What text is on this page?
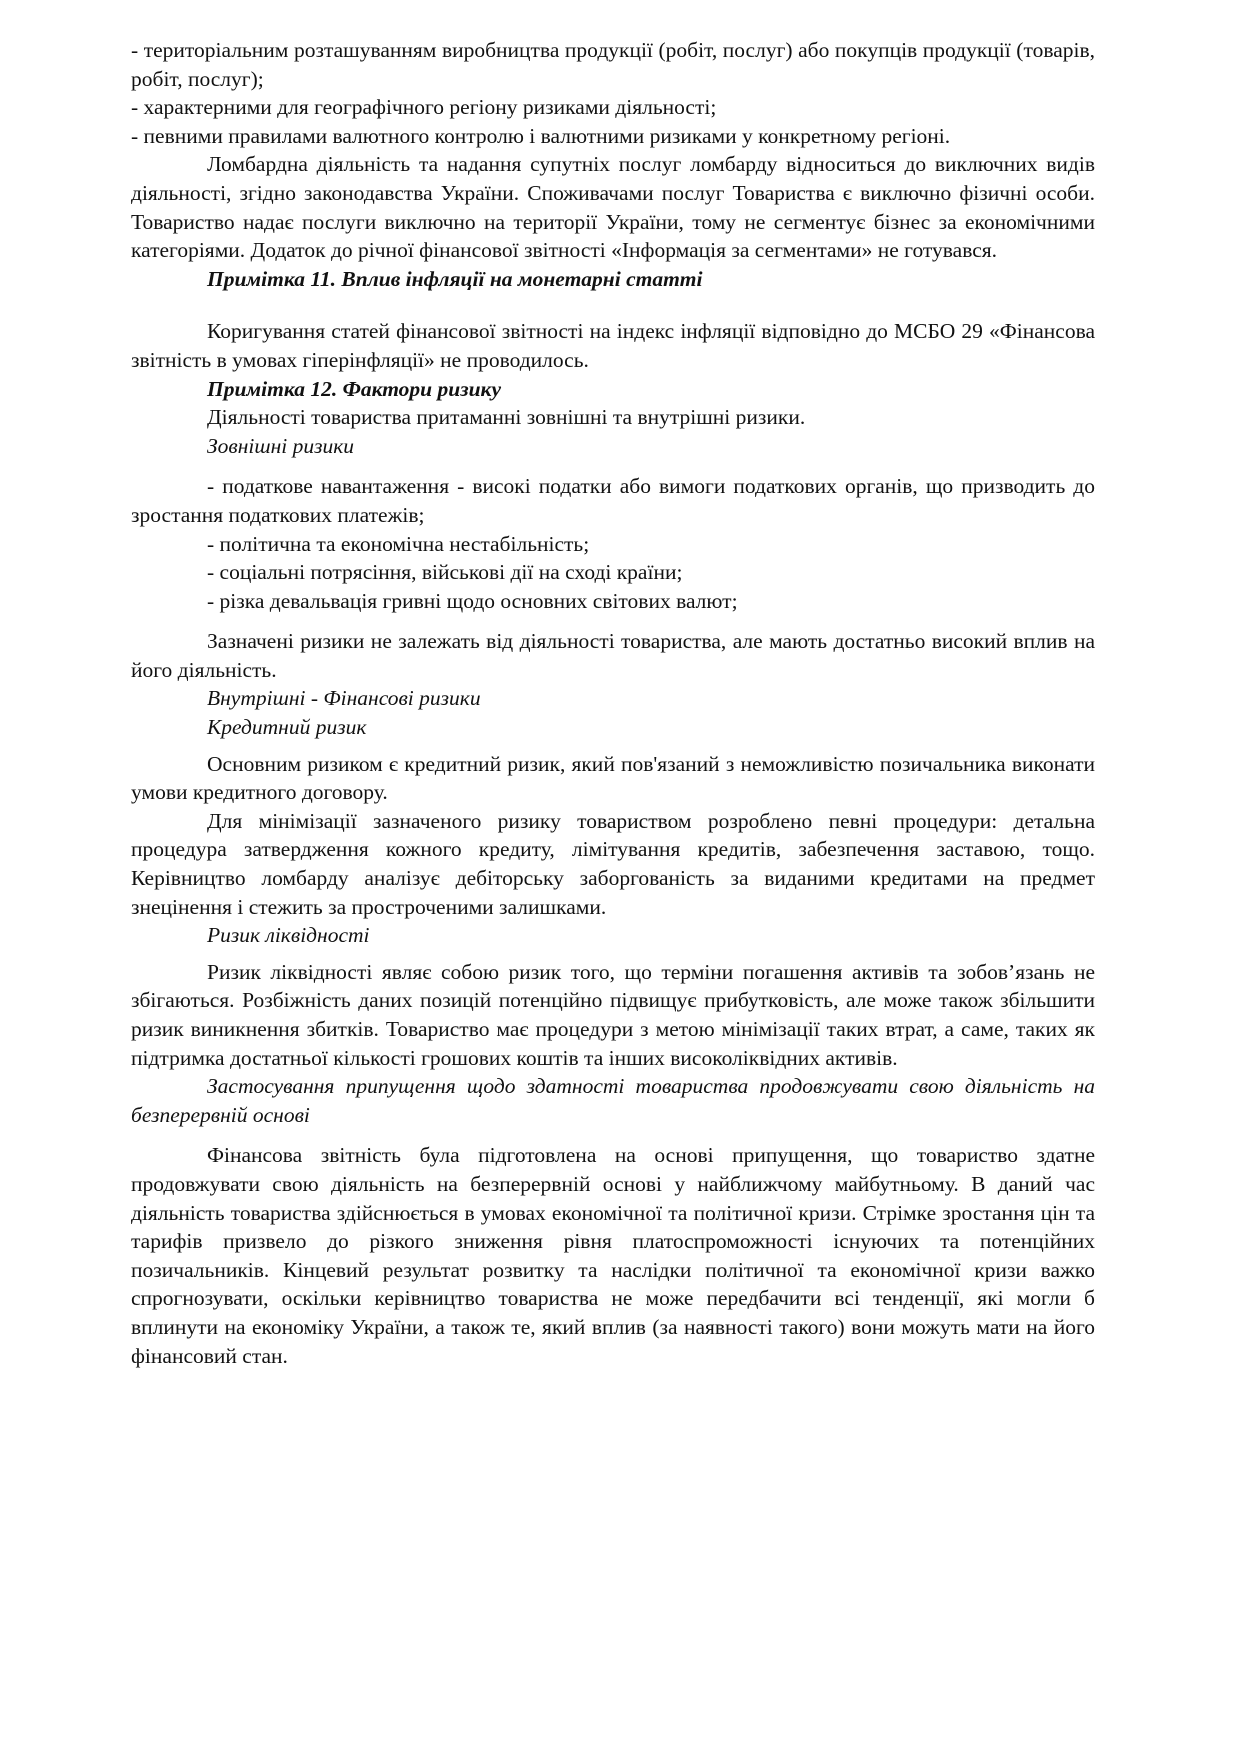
- територіальним розташуванням виробництва продукції (робіт, послуг) або покупців продукції (товарів, робіт, послуг);

- характерними для географічного регіону ризиками діяльності;

- певними правилами валютного контролю і валютними ризиками у конкретному регіоні.

Ломбардна діяльність та надання супутніх послуг ломбарду відноситься до виключних видів діяльності, згідно законодавства України. Споживачами послуг Товариства є виключно фізичні особи. Товариство надає послуги виключно на території України, тому не сегментує бізнес за економічними категоріями. Додаток до річної фінансової звітності «Інформація за сегментами» не готувався.

Примітка 11. Вплив інфляції на монетарні статті

Коригування статей фінансової звітності на індекс інфляції відповідно до МСБО 29 «Фінансова звітність в умовах гіперінфляції» не проводилось.

Примітка 12. Фактори ризику

Діяльності товариства притаманні зовнішні та внутрішні ризики.

Зовнішні ризики

- податкове навантаження - високі податки або вимоги податкових органів, що призводить до зростання податкових платежів;

- політична та економічна нестабільність;

- соціальні потрясіння, військові дії на сході країни;

- різка девальвація гривні щодо основних світових валют;

Зазначені ризики не залежать від діяльності товариства, але мають достатньо високий вплив на його діяльність.

Внутрішні - Фінансові ризики

Кредитний ризик

Основним ризиком є кредитний ризик, який пов'язаний з неможливістю позичальника виконати умови кредитного договору.

Для мінімізації зазначеного ризику товариством розроблено певні процедури: детальна процедура затвердження кожного кредиту, лімітування кредитів, забезпечення заставою, тощо. Керівництво ломбарду аналізує дебіторську заборгованість за виданими кредитами на предмет знецінення і стежить за простроченими залишками.

Ризик ліквідності

Ризик ліквідності являє собою ризик того, що терміни погашення активів та зобов’язань не збігаються. Розбіжність даних позицій потенційно підвищує прибутковість, але може також збільшити ризик виникнення збитків. Товариство має процедури з метою мінімізації таких втрат, а саме, таких як підтримка достатньої кількості грошових коштів та інших високоліквідних активів.

Застосування припущення щодо здатності товариства продовжувати свою діяльність на безперервній основі

Фінансова звітність була підготовлена на основі припущення, що товариство здатне продовжувати свою діяльність на безперервній основі у найближчому майбутньому. В даний час діяльність товариства здійснюється в умовах економічної та політичної кризи. Стрімке зростання цін та тарифів призвело до різкого зниження рівня платоспроможності існуючих та потенційних позичальників. Кінцевий результат розвитку та наслідки політичної та економічної кризи важко спрогнозувати, оскільки керівництво товариства не може передбачити всі тенденції, які могли б вплинути на економіку України, а також те, який вплив (за наявності такого) вони можуть мати на його фінансовий стан.
